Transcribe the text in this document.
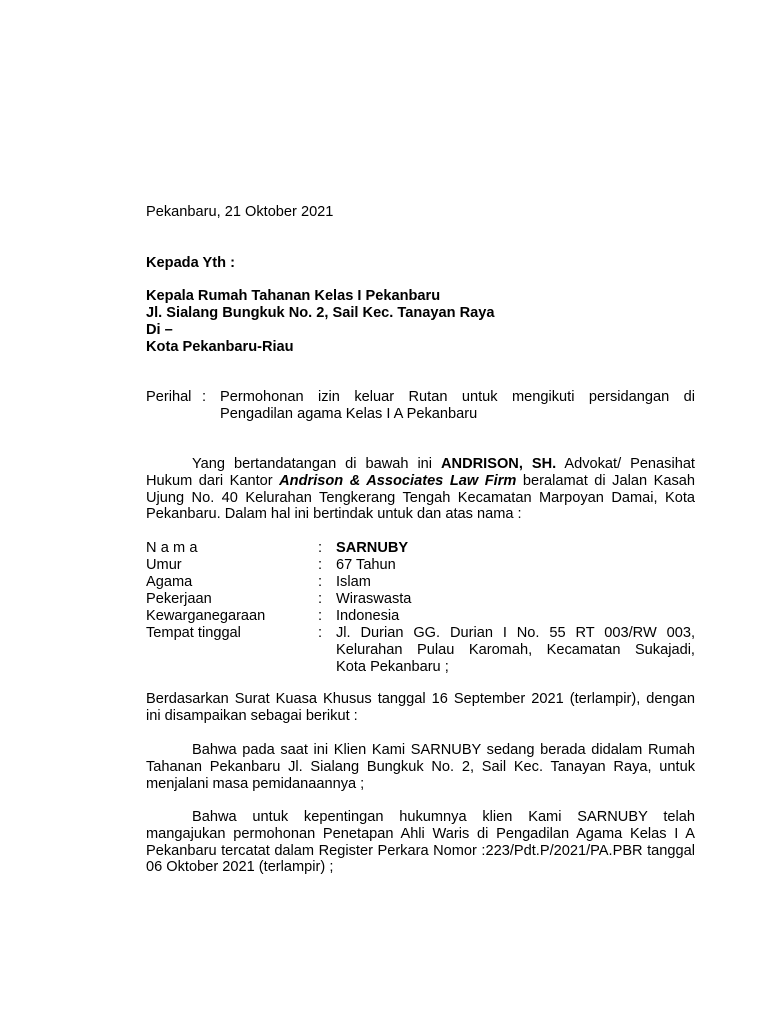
Pekanbaru, 21 Oktober 2021

Kepada Yth :

Kepala Rumah Tahanan Kelas I Pekanbaru

Jl. Sialang Bungkuk No. 2, Sail Kec. Tanayan Raya

Di –

Kota Pekanbaru-Riau

Perihal : Permohonan izin keluar Rutan untuk mengikuti persidangan di
Pengadilan agama Kelas I A Pekanbaru

Yang bertandatangan di bawah ini ANDRISON, SH. Advokat/ Penasihat Hukum dari Kantor Andrison & Associates Law Firm beralamat di Jalan Kasah Ujung No. 40 Kelurahan Tengkerang Tengah Kecamatan Marpoyan Damai, Kota Pekanbaru. Dalam hal ini bertindak untuk dan atas nama :

Nama	: SARNUBY
Umur	: 67 Tahun
Agama	: Islam
Pekerjaan	: Wiraswasta
Kewarganegaraan	: Indonesia
Tempat tinggal	: Jl. Durian GG. Durian I No. 55 RT 003/RW 003,

Kelurahan Pulau Karomah, Kecamatan Sukajadi,

Kota Pekanbaru ;

Berdasarkan Surat Kuasa Khusus tanggal 16 September 2021 (terlampir), dengan ini disampaikan sebagai berikut :

Bahwa pada saat ini Klien Kami SARNUBY sedang berada didalam Rumah Tahanan Pekanbaru Jl. Sialang Bungkuk No. 2, Sail Kec. Tanayan Raya, untuk menjalani masa pemidanaannya ;

Bahwa untuk kepentingan hukumnya klien Kami SARNUBY telah mangajukan permohonan Penetapan Ahli Waris di Pengadilan Agama Kelas I A Pekanbaru tercatat dalam Register Perkara Nomor :223/Pdt.P/2021/PA.PBR tanggal 06 Oktober 2021 (terlampir) ;
